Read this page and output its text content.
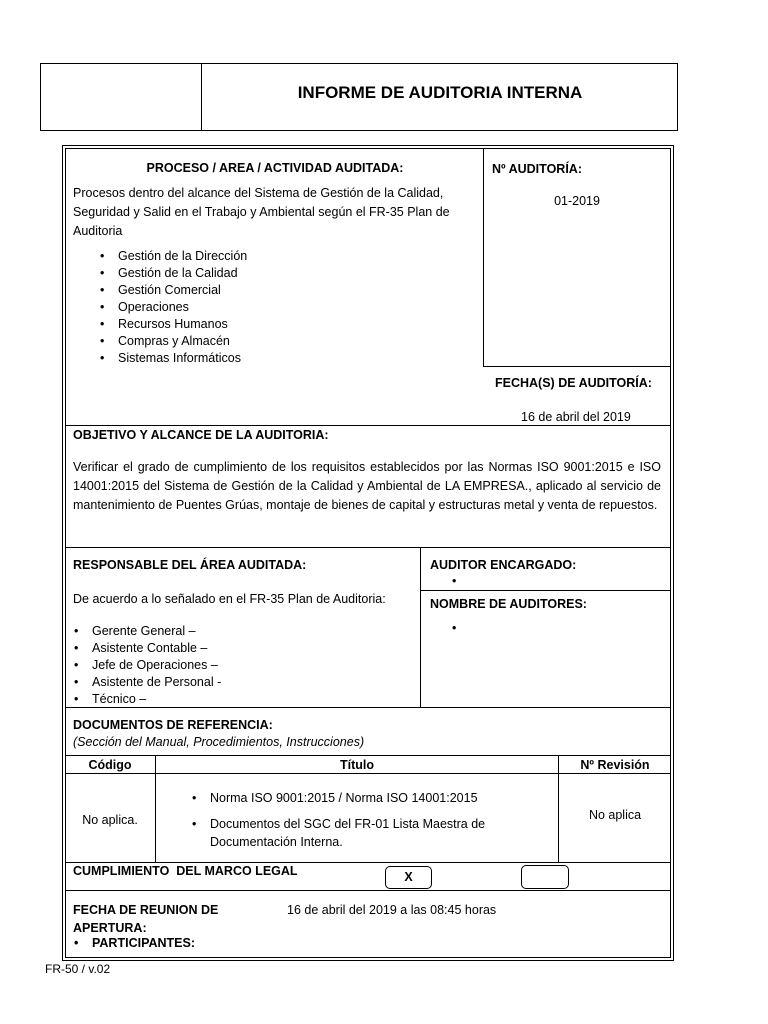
INFORME DE AUDITORIA INTERNA
PROCESO / AREA / ACTIVIDAD AUDITADA:
Procesos dentro del alcance del Sistema de Gestión de la Calidad, Seguridad y Salid en el Trabajo y Ambiental según el FR-35 Plan de Auditoria
• Gestión de la Dirección
• Gestión de la Calidad
• Gestión Comercial
• Operaciones
• Recursos Humanos
• Compras y Almacén
• Sistemas Informáticos
Nº AUDITORÍA:
01-2019
FECHA(S) DE AUDITORÍA:
16 de abril del 2019
OBJETIVO Y ALCANCE DE LA AUDITORIA:
Verificar el grado de cumplimiento de los requisitos establecidos por las Normas ISO 9001:2015 e ISO 14001:2015 del Sistema de Gestión de la Calidad y Ambiental de LA EMPRESA., aplicado al servicio de mantenimiento de Puentes Grúas, montaje de bienes de capital y estructuras metal y venta de repuestos.
RESPONSABLE DEL ÁREA AUDITADA:
De acuerdo a lo señalado en el FR-35 Plan de Auditoria:
• Gerente General –
• Asistente Contable –
• Jefe de Operaciones –
• Asistente de Personal -
• Técnico –
AUDITOR ENCARGADO:
NOMBRE DE AUDITORES:
DOCUMENTOS DE REFERENCIA:
(Sección del Manual, Procedimientos, Instrucciones)
Código	Título	Nº Revisión
No aplica.
• Norma ISO 9001:2015 / Norma ISO 14001:2015
• Documentos del SGC del FR-01 Lista Maestra de Documentación Interna.
No aplica
CUMPLIMIENTO  DEL MARCO LEGAL	X
FECHA DE REUNION DE APERTURA:
16 de abril del 2019 a las 08:45 horas
• PARTICIPANTES:
FR-50 / v.02
